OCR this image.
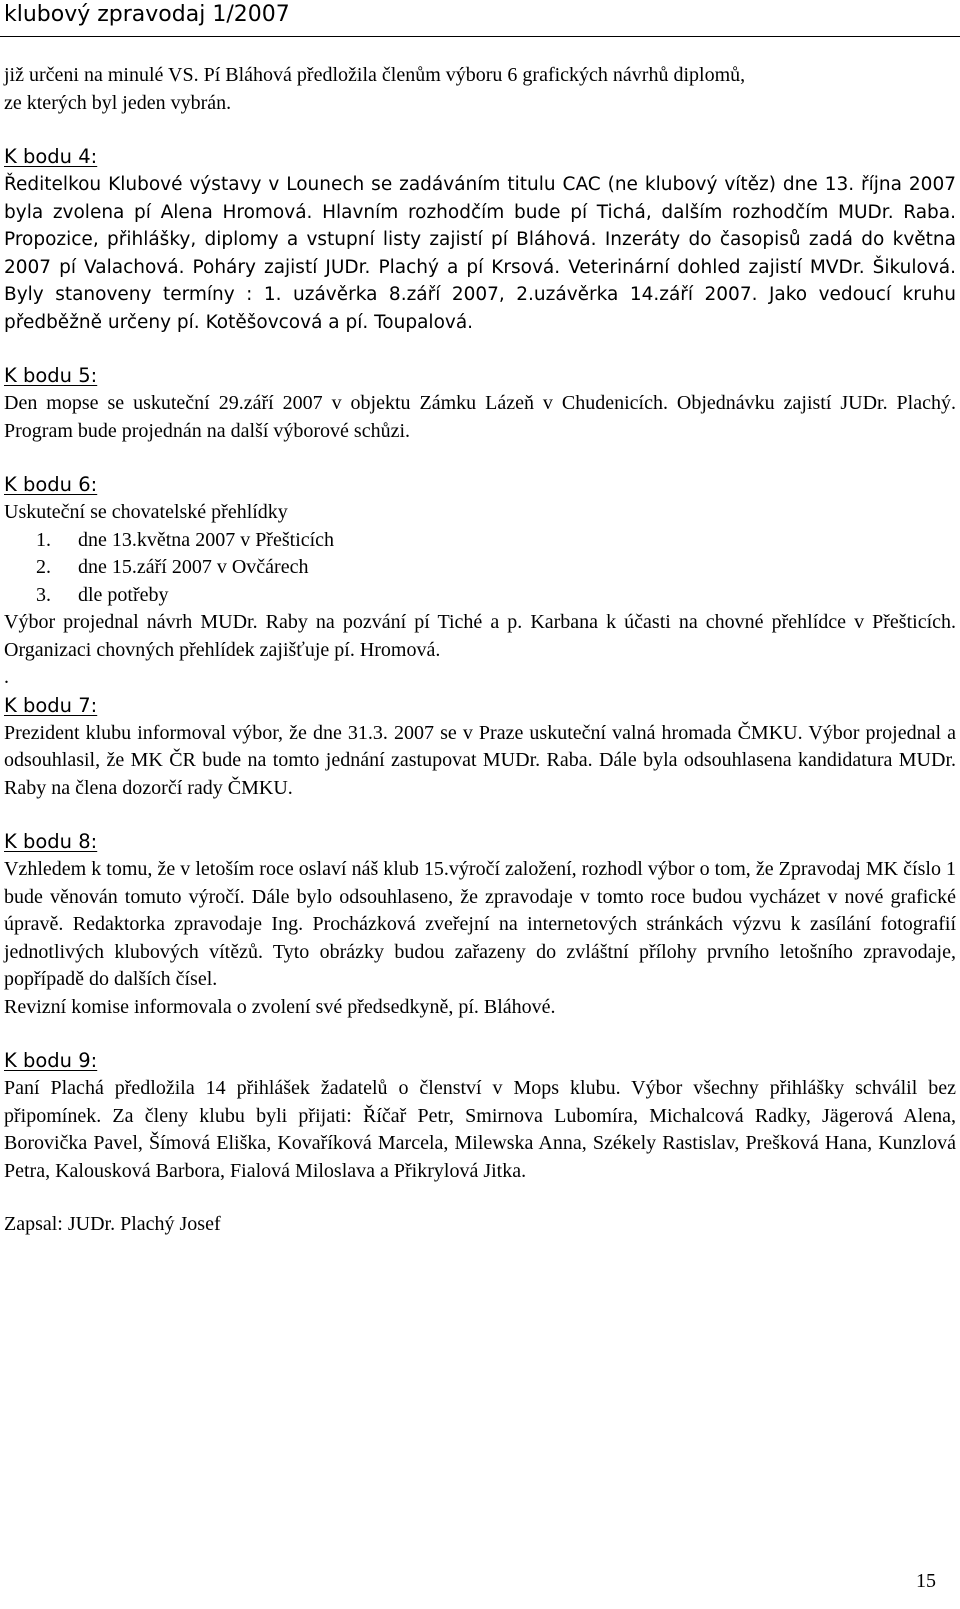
klubový zpravodaj 1/2007

již určeni na minulé VS. Pí Bláhová předložila členům výboru 6 grafických návrhů diplomů,

ze kterých byl jeden vybrán.

K bodu 4:

Ředitelkou Klubové výstavy v Lounech se zadáváním titulu CAC (ne klubový vítěz) dne 13. října 2007 byla zvolena pí Alena Hromová. Hlavním rozhodčím bude pí Tichá, dalším rozhodčím MUDr. Raba. Propozice, přihlášky, diplomy a vstupní listy zajistí pí Bláhová. Inzeráty do časopisů zadá do května 2007 pí Valachová. Poháry zajistí JUDr. Plachý a pí Krsová. Veterinární dohled zajistí MVDr. Šikulová. Byly stanoveny termíny : 1. uzávěrka 8.září 2007, 2.uzávěrka 14.září 2007. Jako vedoucí kruhu předběžně určeny pí. Kotěšovcová a pí. Toupalová.

K bodu 5:

Den mopse se uskuteční 29.září 2007 v objektu Zámku Lázeň v Chudenicích. Objednávku zajistí JUDr. Plachý. Program bude projednán na další výborové schůzi.

K bodu 6:

Uskuteční se chovatelské přehlídky

1. dne 13.května 2007 v Přešticích
2. dne 15.září 2007 v Ovčárech
3. dle potřeby

Výbor projednal návrh MUDr. Raby na pozvání pí Tiché a p. Karbana k účasti na chovné přehlídce v Přešticích. Organizaci chovných přehlídek zajišťuje pí. Hromová.

.

K bodu 7:

Prezident klubu informoval výbor, že dne 31.3. 2007 se v Praze uskuteční valná hromada ČMKU. Výbor projednal a odsouhlasil, že MK ČR bude na tomto jednání zastupovat MUDr. Raba. Dále byla odsouhlasena kandidatura MUDr. Raby na člena dozorčí rady ČMKU.

K bodu 8:

Vzhledem k tomu, že v letoším roce oslaví náš klub 15.výročí založení, rozhodl výbor o tom, že Zpravodaj MK číslo 1 bude věnován tomuto výročí. Dále bylo odsouhlaseno, že zpravodaje v tomto roce budou vycházet v nové grafické úpravě. Redaktorka zpravodaje Ing. Procházková zveřejní na internetových stránkách výzvu k zasílání fotografií jednotlivých klubových vítězů. Tyto obrázky budou zařazeny do zvláštní přílohy prvního letošního zpravodaje, popřípadě do dalších čísel.

Revizní komise informovala o zvolení své předsedkyně, pí. Bláhové.

K bodu 9:

Paní Plachá předložila 14 přihlášek žadatelů o členství v Mops klubu. Výbor všechny přihlášky schválil bez připomínek. Za členy klubu byli přijati: Říčař Petr, Smirnova Lubomíra, Michalcová Radky, Jägerová Alena, Borovička Pavel, Šímová Eliška, Kovaříková Marcela, Milewska Anna, Székely Rastislav, Prešková Hana, Kunzlová Petra, Kalousková Barbora, Fialová Miloslava a Přikrylová Jitka.

Zapsal: JUDr. Plachý Josef

15
